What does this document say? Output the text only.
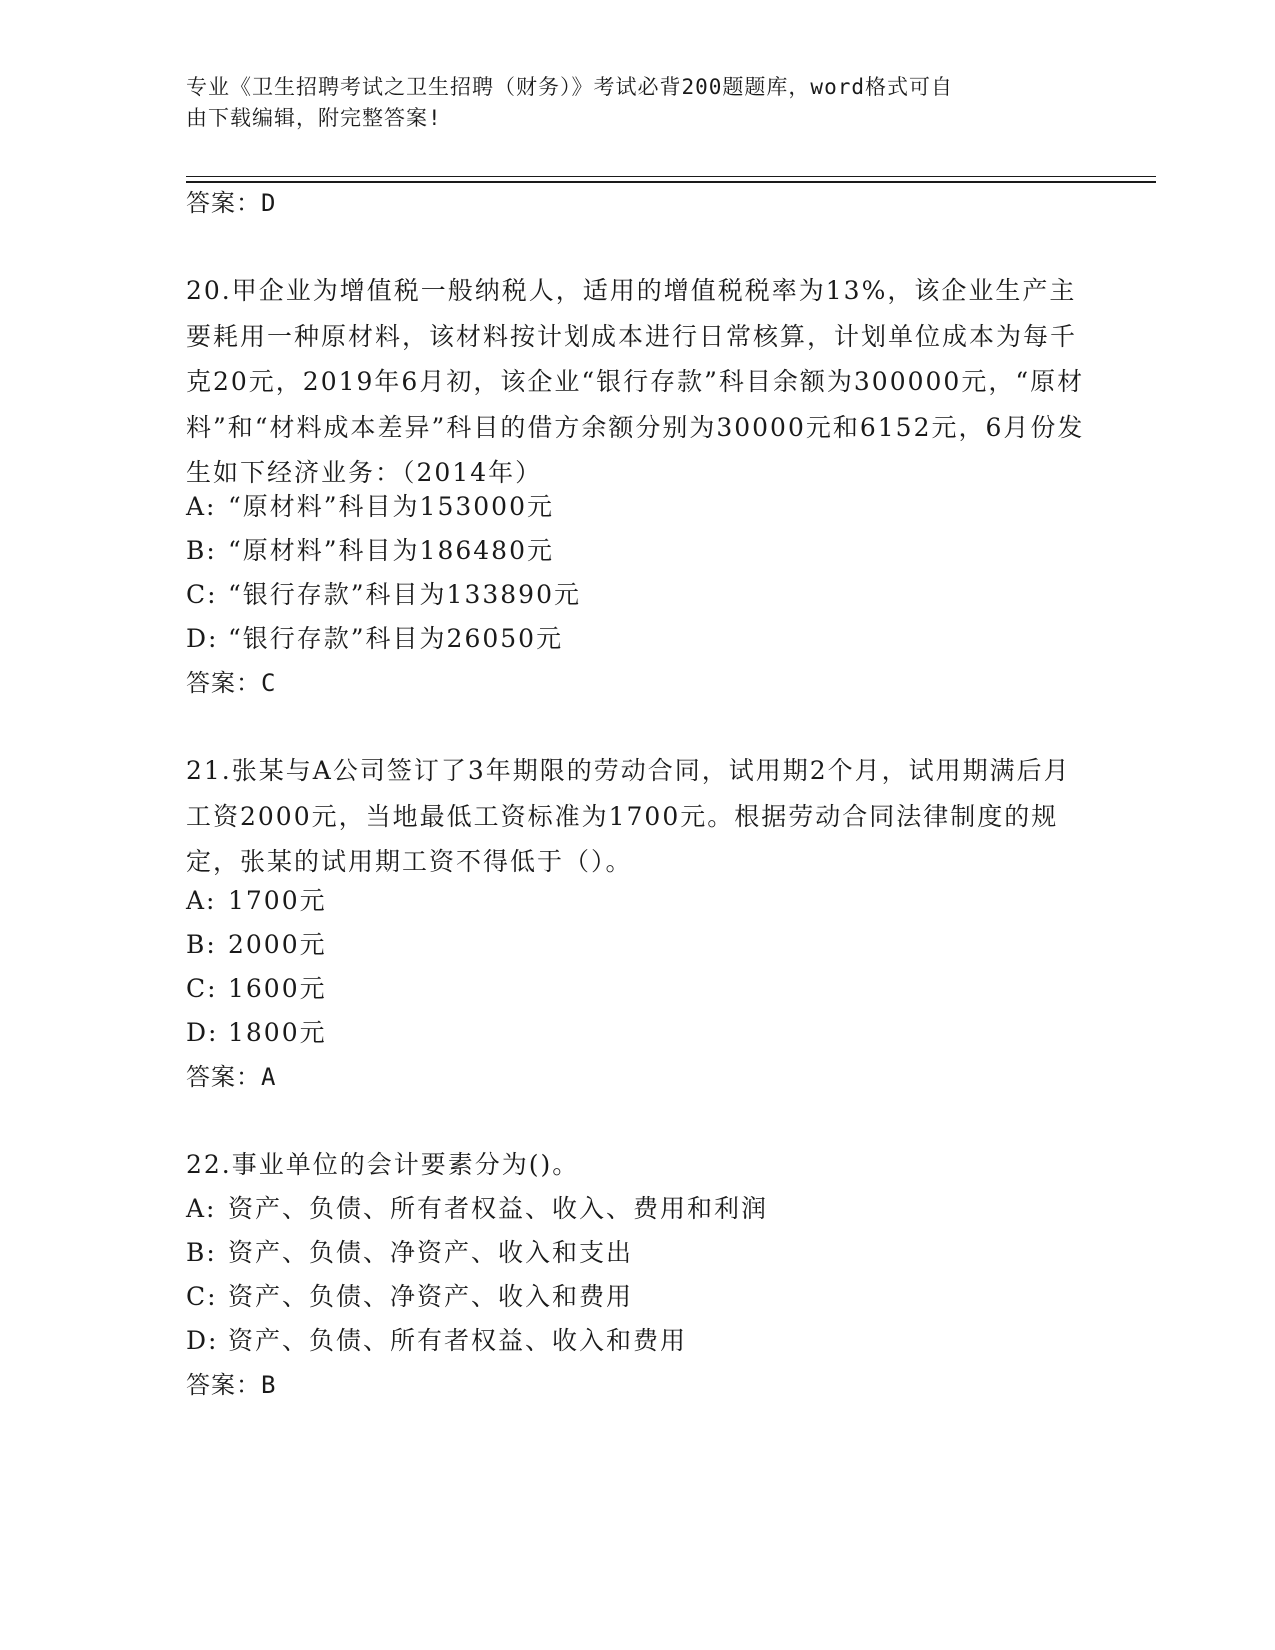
专业《卫生招聘考试之卫生招聘（财务）》考试必背200题题库，word格式可自
由下载编辑，附完整答案!
答案：D
20.甲企业为增值税一般纳税人，适用的增值税税率为13%，该企业生产主要耗用一种原材料，该材料按计划成本进行日常核算，计划单位成本为每千克20元，2019年6月初，该企业“银行存款”科目余额为300000元，“原材料”和“材料成本差异”科目的借方余额分别为30000元和6152元，6月份发生如下经济业务：（2014年）
A: “原材料”科目为153000元
B: “原材料”科目为186480元
C: “银行存款”科目为133890元
D: “银行存款”科目为26050元
答案：C
21.张某与A公司签订了3年期限的劳动合同，试用期2个月，试用期满后月工资2000元，当地最低工资标准为1700元。根据劳动合同法律制度的规定，张某的试用期工资不得低于（）。
A: 1700元
B: 2000元
C: 1600元
D: 1800元
答案：A
22.事业单位的会计要素分为()。
A: 资产、负债、所有者权益、收入、费用和利润
B: 资产、负债、净资产、收入和支出
C: 资产、负债、净资产、收入和费用
D: 资产、负债、所有者权益、收入和费用
答案：B
